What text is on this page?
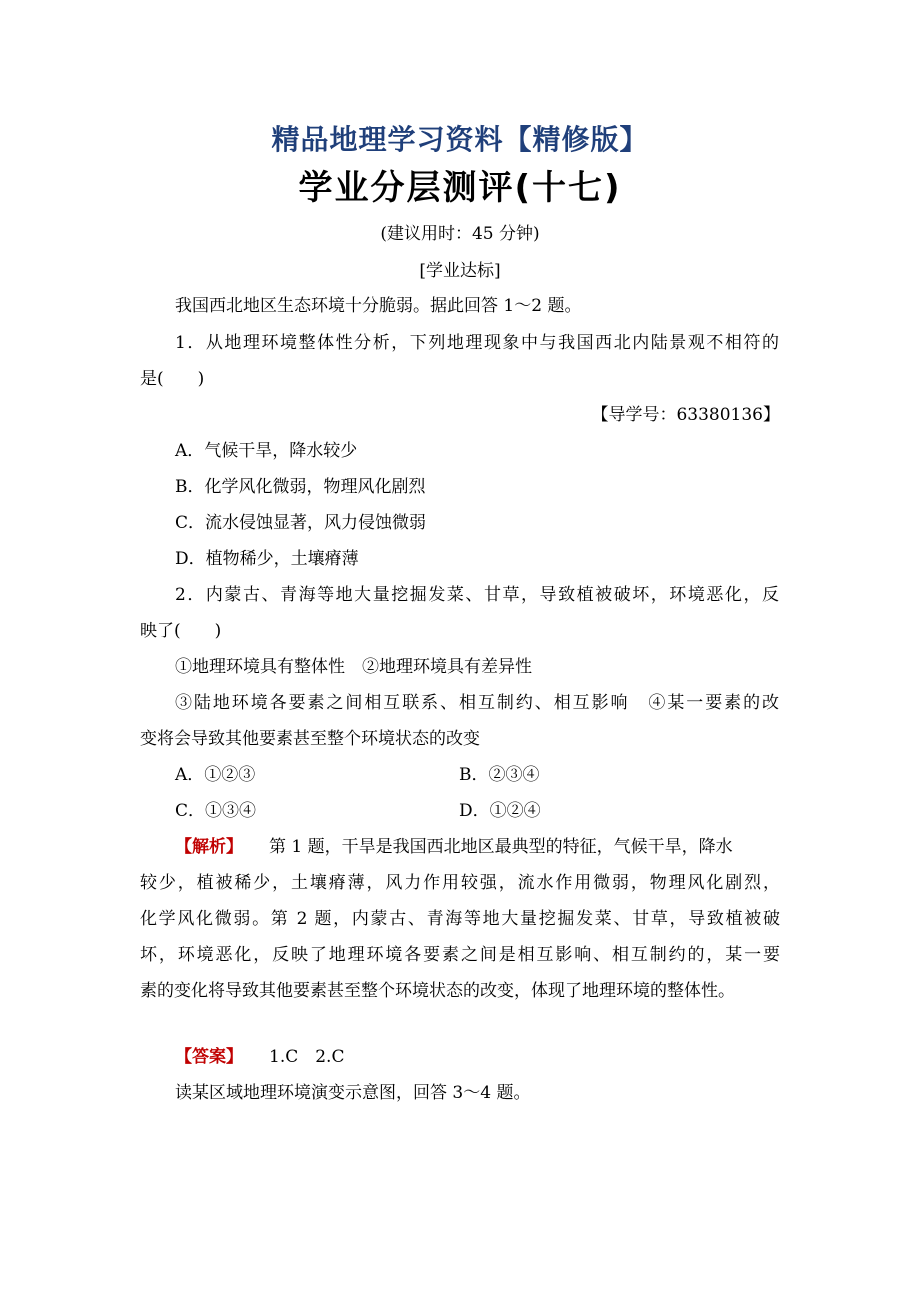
精品地理学习资料【精修版】
学业分层测评(十七)
(建议用时：45 分钟)
[学业达标]
我国西北地区生态环境十分脆弱。据此回答 1～2 题。
1．从地理环境整体性分析，下列地理现象中与我国西北内陆景观不相符的
是(　　)
【导学号：63380136】
A．气候干旱，降水较少
B．化学风化微弱，物理风化剧烈
C．流水侵蚀显著，风力侵蚀微弱
D．植物稀少，土壤瘠薄
2．内蒙古、青海等地大量挖掘发菜、甘草，导致植被破坏，环境恶化，反
映了(　　)
①地理环境具有整体性　②地理环境具有差异性
③陆地环境各要素之间相互联系、相互制约、相互影响　④某一要素的改
变将会导致其他要素甚至整个环境状态的改变
A．①②③	B．②③④
C．①③④	D．①②④
【解析】 第 1 题，干旱是我国西北地区最典型的特征，气候干旱，降水
较少，植被稀少，土壤瘠薄，风力作用较强，流水作用微弱，物理风化剧烈，
化学风化微弱。第 2 题，内蒙古、青海等地大量挖掘发菜、甘草，导致植被破
坏，环境恶化，反映了地理环境各要素之间是相互影响、相互制约的，某一要
素的变化将导致其他要素甚至整个环境状态的改变，体现了地理环境的整体性。
【答案】 1.C　2.C
读某区域地理环境演变示意图，回答 3～4 题。
